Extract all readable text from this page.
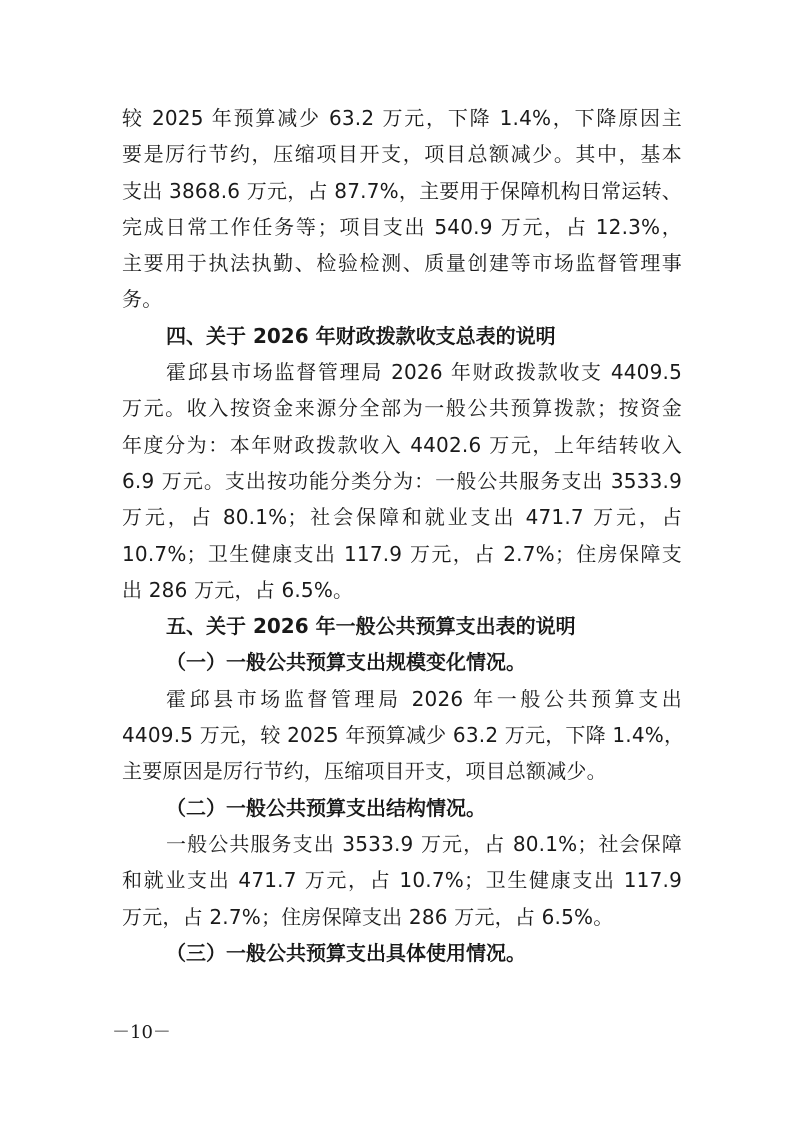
较 2025 年预算减少 63.2 万元，下降 1.4%，下降原因主
要是厉行节约，压缩项目开支，项目总额减少。其中，基本
支出 3868.6 万元，占 87.7%，主要用于保障机构日常运转、
完成日常工作任务等；项目支出 540.9 万元，占 12.3%，
主要用于执法执勤、检验检测、质量创建等市场监督管理事
务。
四、关于 2026 年财政拨款收支总表的说明
霍邱县市场监督管理局 2026 年财政拨款收支 4409.5
万元。收入按资金来源分全部为一般公共预算拨款；按资金
年度分为：本年财政拨款收入 4402.6 万元，上年结转收入
6.9 万元。支出按功能分类分为：一般公共服务支出 3533.9
万元，占 80.1%；社会保障和就业支出 471.7 万元，占
10.7%；卫生健康支出 117.9 万元，占 2.7%；住房保障支
出 286 万元，占 6.5%。
五、关于 2026 年一般公共预算支出表的说明
（一）一般公共预算支出规模变化情况。
霍邱县市场监督管理局 2026 年一般公共预算支出
4409.5 万元，较 2025 年预算减少 63.2 万元，下降 1.4%，
主要原因是厉行节约，压缩项目开支，项目总额减少。
（二）一般公共预算支出结构情况。
一般公共服务支出 3533.9 万元，占 80.1%；社会保障
和就业支出 471.7 万元，占 10.7%；卫生健康支出 117.9
万元，占 2.7%；住房保障支出 286 万元，占 6.5%。
（三）一般公共预算支出具体使用情况。
－10－
